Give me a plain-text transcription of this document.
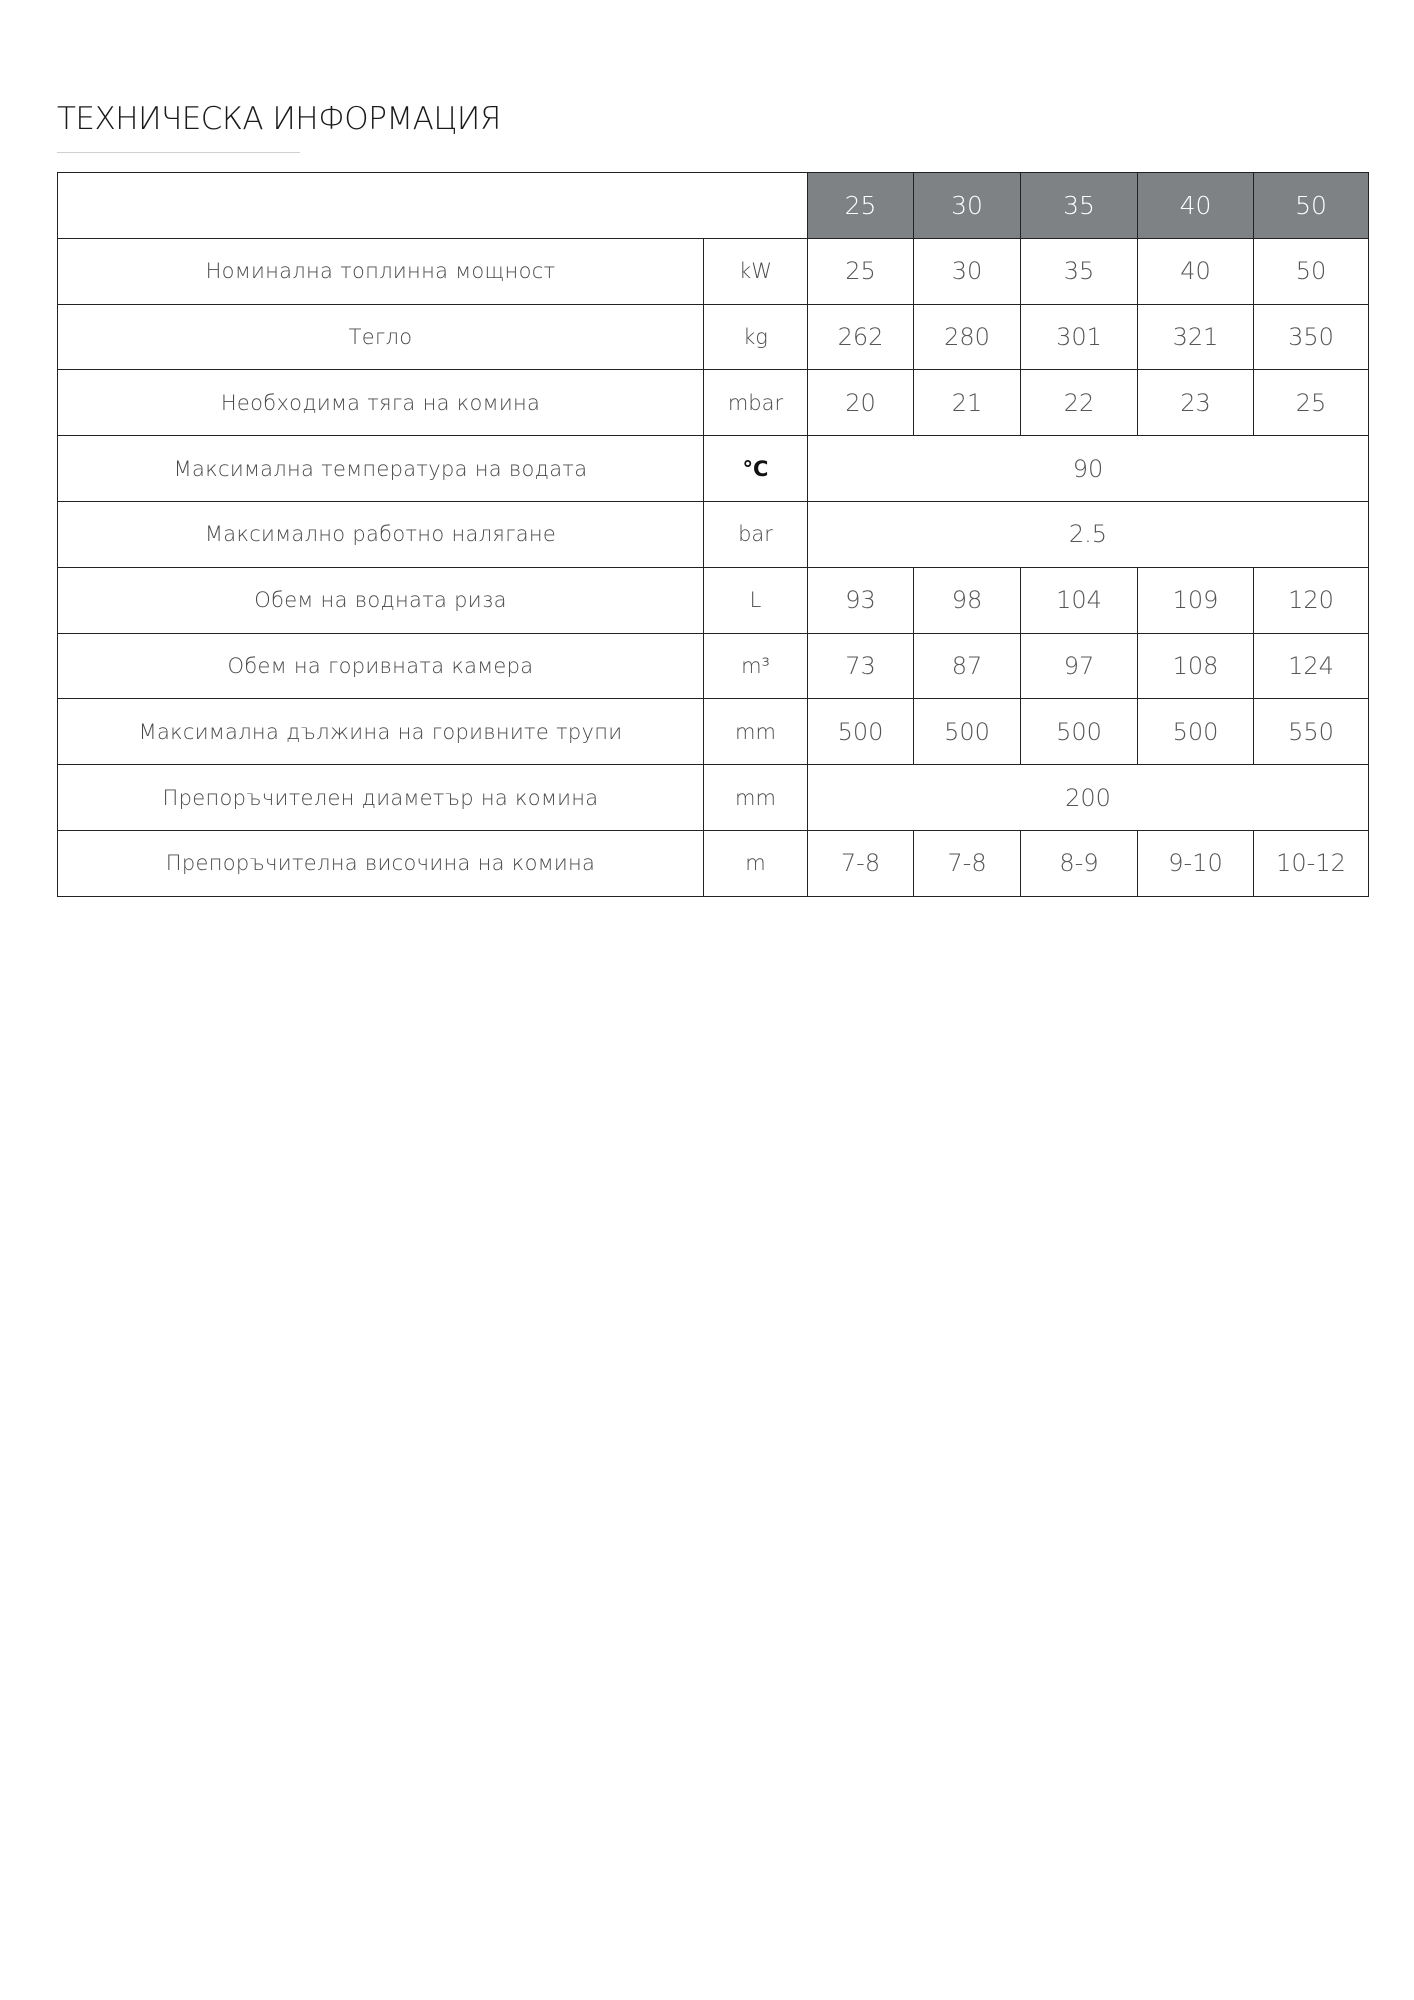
ТЕХНИЧЕСКА ИНФОРМАЦИЯ
		25	30	35	40	50
Номинална топлинна мощност	kW	25	30	35	40	50
Тегло	kg	262	280	301	321	350
Необходима тяга на комина	mbar	20	21	22	23	25
Максимална температура на водата	°C	90				
Максимално работно налягане	bar	2.5				
Обем на водната риза	L	93	98	104	109	120
Обем на горивната камера	m³	73	87	97	108	124
Максимална дължина на горивните трупи	mm	500	500	500	500	550
Препоръчителен диаметър на комина	mm	200				
Препоръчителна височина на комина	m	7-8	7-8	8-9	9-10	10-12
